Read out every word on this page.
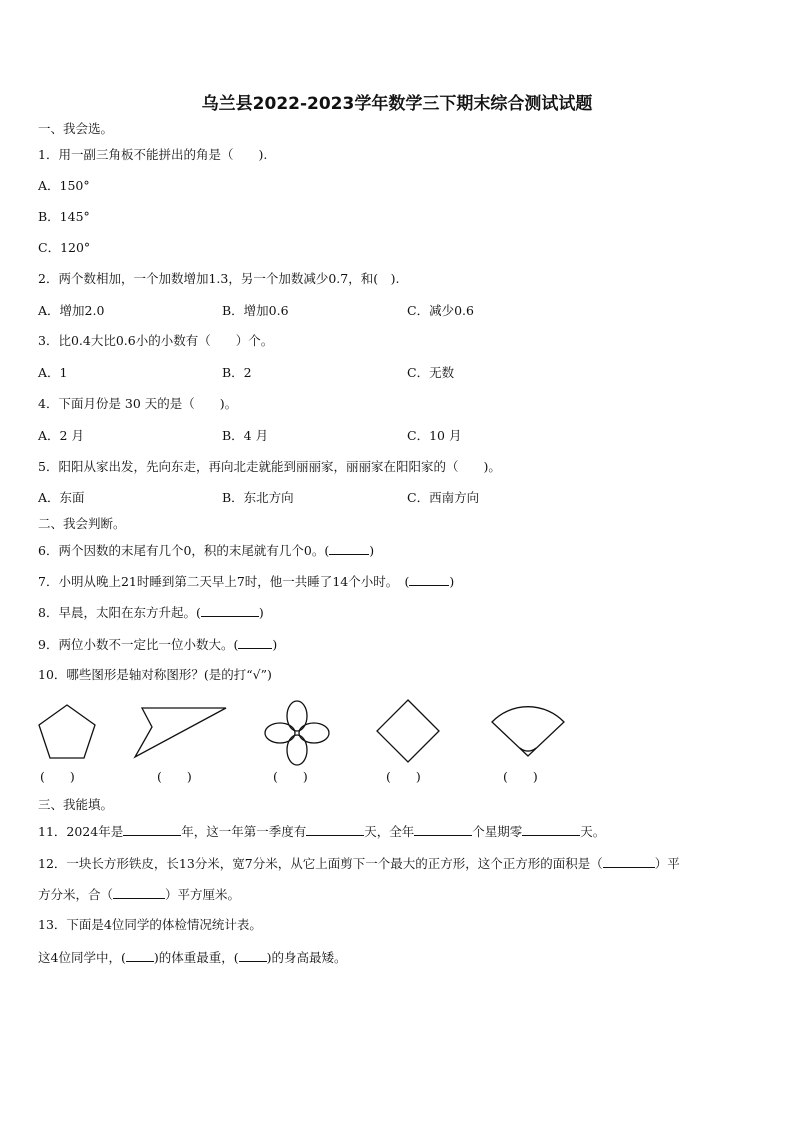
乌兰县2022-2023学年数学三下期末综合测试试题
一、我会选。
1．用一副三角板不能拼出的角是（　　).
A．150°
B．145°
C．120°
2．两个数相加，一个加数增加1.3，另一个加数减少0.7，和(　).
A．增加2.0	B．增加0.6	C．减少0.6
3．比0.4大比0.6小的小数有（　　）个。
A．1	B．2	C．无数
4．下面月份是 30 天的是（　　)。
A．2 月	B．4 月	C．10 月
5．阳阳从家出发，先向东走，再向北走就能到丽丽家，丽丽家在阳阳家的（　　)。
A．东面	B．东北方向	C．西南方向
二、我会判断。
6．两个因数的末尾有几个0，积的末尾就有几个0。(	)
7．小明从晚上21时睡到第二天早上7时，他一共睡了14个小时。　(	)
8．早晨，太阳在东方升起。(	)
9．两位小数不一定比一位小数大。(	)
10．哪些图形是轴对称图形？(是的打“√”)
(　　)	(　　)	(　　)	(　　)	(　　)
三、我能填。
11．2024年是	年，这一年第一季度有	天，全年	个星期零	天。
12．一块长方形铁皮，长13分米，宽7分米，从它上面剪下一个最大的正方形，这个正方形的面积是（	）平
方分米，合（	）平方厘米。
13．下面是4位同学的体检情况统计表。
这4位同学中，( )的体重最重，( )的身高最矮。
